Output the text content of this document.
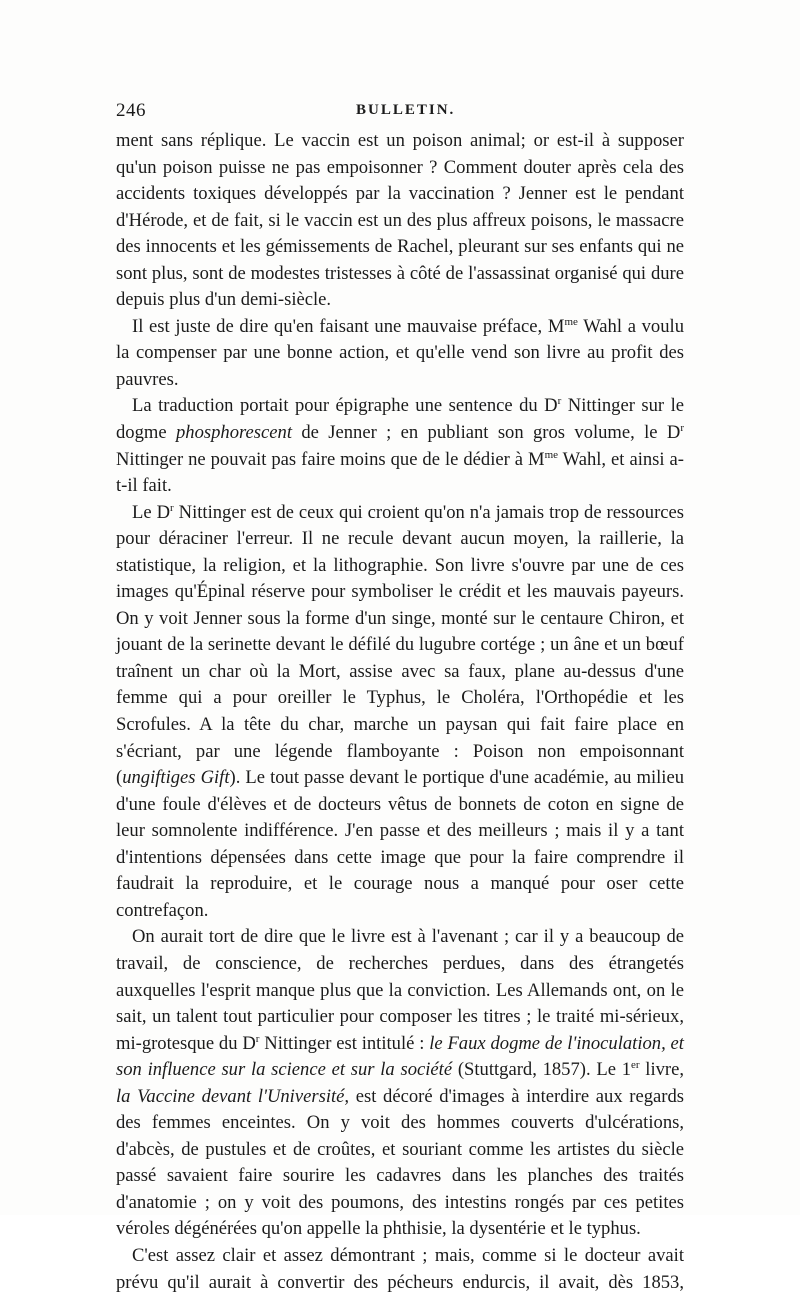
246	BULLETIN.

ment sans réplique. Le vaccin est un poison animal; or est-il à supposer qu'un poison puisse ne pas empoisonner ? Comment douter après cela des accidents toxiques développés par la vaccination ? Jenner est le pendant d'Hérode, et de fait, si le vaccin est un des plus affreux poisons, le massacre des innocents et les gémissements de Rachel, pleurant sur ses enfants qui ne sont plus, sont de modestes tristesses à côté de l'assassinat organisé qui dure depuis plus d'un demi-siècle.

Il est juste de dire qu'en faisant une mauvaise préface, $M^{me}$ Wahl a voulu la compenser par une bonne action, et qu'elle vend son livre au profit des pauvres.

La traduction portait pour épigraphe une sentence du $D^r$ Nittinger sur le dogme phosphorescent de Jenner ; en publiant son gros volume, le $D^r$ Nittinger ne pouvait pas faire moins que de le dédier à $M^{me}$ Wahl, et ainsi a-t-il fait.

Le $D^r$ Nittinger est de ceux qui croient qu'on n'a jamais trop de ressources pour déraciner l'erreur. Il ne recule devant aucun moyen, la raillerie, la statistique, la religion, et la lithographie. Son livre s'ouvre par une de ces images qu'Épinal réserve pour symboliser le crédit et les mauvais payeurs. On y voit Jenner sous la forme d'un singe, monté sur le centaure Chiron, et jouant de la serinette devant le défilé du lugubre cortége ; un âne et un bœuf traînent un char où la Mort, assise avec sa faux, plane au-dessus d'une femme qui a pour oreiller le Typhus, le Choléra, l'Orthopédie et les Scrofules. A la tête du char, marche un paysan qui fait faire place en s'écriant, par une légende flamboyante : Poison non empoisonnant (ungiftiges Gift). Le tout passe devant le portique d'une académie, au milieu d'une foule d'élèves et de docteurs vêtus de bonnets de coton en signe de leur somnolente indifférence. J'en passe et des meilleurs ; mais il y a tant d'intentions dépensées dans cette image que pour la faire comprendre il faudrait la reproduire, et le courage nous a manqué pour oser cette contrefaçon.

On aurait tort de dire que le livre est à l'avenant ; car il y a beaucoup de travail, de conscience, de recherches perdues, dans des étrangetés auxquelles l'esprit manque plus que la conviction. Les Allemands ont, on le sait, un talent tout particulier pour composer les titres ; le traité mi-sérieux, mi-grotesque du $D^r$ Nittinger est intitulé : le Faux dogme de l'inoculation, et son influence sur la science et sur la société (Stuttgard, 1857). Le 1er livre, la Vaccine devant l'Université, est décoré d'images à interdire aux regards des femmes enceintes. On y voit des hommes couverts d'ulcérations, d'abcès, de pustules et de croûtes, et souriant comme les artistes du siècle passé savaient faire sourire les cadavres dans les planches des traités d'anatomie ; on y voit des poumons, des intestins rongés par ces petites véroles dégénérées qu'on appelle la phthisie, la dysentérie et le typhus.

C'est assez clair et assez démontrant ; mais, comme si le docteur avait prévu qu'il aurait à convertir des pécheurs endurcis, il avait, dès 1853,
